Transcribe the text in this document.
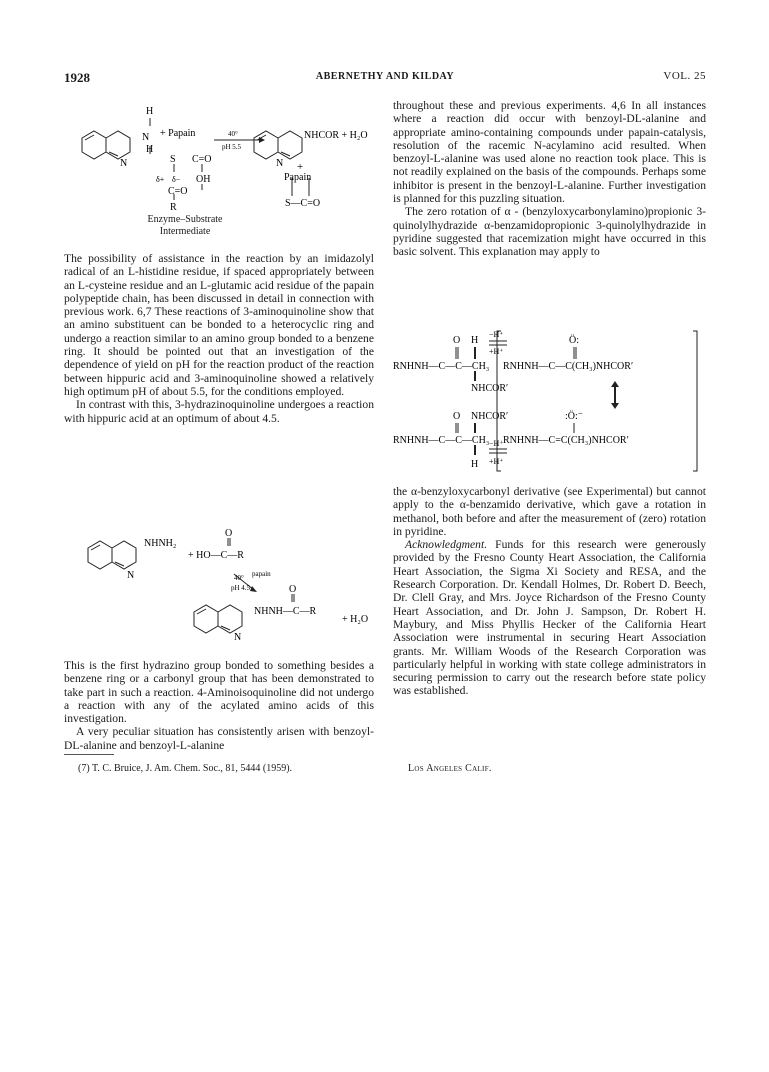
1928	ABERNETHY AND KILDAY	VOL. 25
H
N
N
H
+ Papain	40°
pH 5.5
NHCOR + H₂O
N
S C=O
δ+ δ− OH
C=O
R
+
Papain
S—C=O
Enzyme–Substrate
Intermediate

The possibility of assistance in the reaction by an imidazolyl radical of an L-histidine residue, if spaced appropriately between an L-cysteine residue and an L-glutamic acid residue of the papain polypeptide chain, has been discussed in detail in connection with previous work. 6,7 These reactions of 3-aminoquinoline show that an amino substituent can be bonded to a heterocyclic ring and undergo a reaction similar to an amino group bonded to a benzene ring. It should be pointed out that an investigation of the dependence of yield on pH for the reaction product of the reaction between hippuric acid and 3-aminoquinoline showed a relatively high optimum pH of about 5.5, for the conditions employed.

In contrast with this, 3-hydrazinoquinoline undergoes a reaction with hippuric acid at an optimum of about 4.5.

NHNH₂
O
+ HO—C—R
N	papain
40°
pH 4.5	O
NHNH—C—R
+ H₂O
N

This is the first hydrazino group bonded to something besides a benzene ring or a carbonyl group that has been demonstrated to take part in such a reaction. 4-Aminoisoquinoline did not undergo a reaction with any of the acylated amino acids of this investigation.

A very peculiar situation has consistently arisen with benzoyl-DL-alanine and benzoyl-L-alanine

(7) T. C. Bruice, J. Am. Chem. Soc., 81, 5444 (1959).

throughout these and previous experiments. 4,6 In all instances where a reaction did occur with benzoyl-DL-alanine and appropriate amino-containing compounds under papain-catalysis, resolution of the racemic N-acylamino acid resulted. When benzoyl-L-alanine was used alone no reaction took place. This is not readily explained on the basis of the compounds. Perhaps some inhibitor is present in the benzoyl-L-alanine. Further investigation is planned for this puzzling situation.

The zero rotation of α - (benzyloxycarbonylamino)propionic 3-quinolylhydrazide α-benzamidopropionic 3-quinolylhydrazide in pyridine suggested that racemization might have occurred in this basic solvent. This explanation may apply to

O H
−H⁺
+H⁺
RNHNH—C—C—CH₃
NHCOR′
Ö:
RNHNH—C—C(CH₃)NHCOR′
O NHCOR′	:Ö:⁻
RNHNH—C—C—CH₃ RNHNH—C=C(CH₃)NHCOR′
H
−H⁺
+H⁺

the α-benzyloxycarbonyl derivative (see Experimental) but cannot apply to the α-benzamido derivative, which gave a rotation in methanol, both before and after the measurement of (zero) rotation in pyridine.

Acknowledgment. Funds for this research were generously provided by the Fresno County Heart Association, the California Heart Association, the Sigma Xi Society and RESA, and the Research Corporation. Dr. Kendall Holmes, Dr. Robert D. Beech, Dr. Clell Gray, and Mrs. Joyce Richardson of the Fresno County Heart Association, and Dr. John J. Sampson, Dr. Robert H. Maybury, and Miss Phyllis Hecker of the California Heart Association were instrumental in securing Heart Association grants. Mr. William Woods of the Research Corporation was particularly helpful in working with state college administrators in securing permission to carry out the research before state policy was established.

Los Angeles Calif.
